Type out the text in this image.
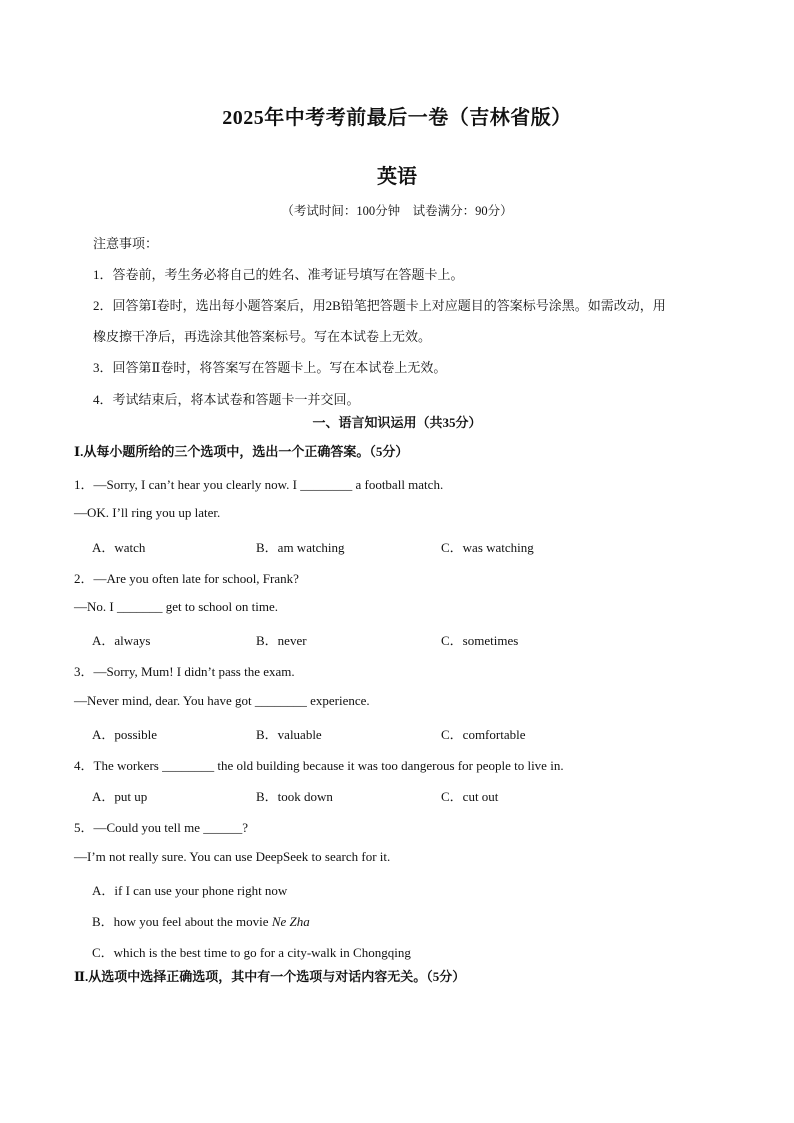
2025年中考考前最后一卷（吉林省版）
英语
（考试时间：100分钟　试卷满分：90分）
注意事项：
1．答卷前，考生务必将自己的姓名、准考证号填写在答题卡上。
2．回答第Ⅰ卷时，选出每小题答案后，用2B铅笔把答题卡上对应题目的答案标号涂黑。如需改动，用
橡皮擦干净后，再选涂其他答案标号。写在本试卷上无效。
3．回答第Ⅱ卷时，将答案写在答题卡上。写在本试卷上无效。
4．考试结束后，将本试卷和答题卡一并交回。
一、语言知识运用（共35分）
Ⅰ.从每小题所给的三个选项中，选出一个正确答案。（5分）
1．—Sorry, I can’t hear you clearly now. I ________ a football match.
—OK. I’ll ring you up later.
A．watch	B．am watching	C．was watching
2．—Are you often late for school, Frank?
—No. I _______ get to school on time.
A．always	B．never	C．sometimes
3．—Sorry, Mum! I didn’t pass the exam.
—Never mind, dear. You have got ________ experience.
A．possible	B．valuable	C．comfortable
4．The workers ________ the old building because it was too dangerous for people to live in.
A．put up	B．took down	C．cut out
5．—Could you tell me ______?
—I’m not really sure. You can use DeepSeek to search for it.
A．if I can use your phone right now
B．how you feel about the movie Ne Zha
C．which is the best time to go for a city-walk in Chongqing
Ⅱ.从选项中选择正确选项，其中有一个选项与对话内容无关。（5分）
